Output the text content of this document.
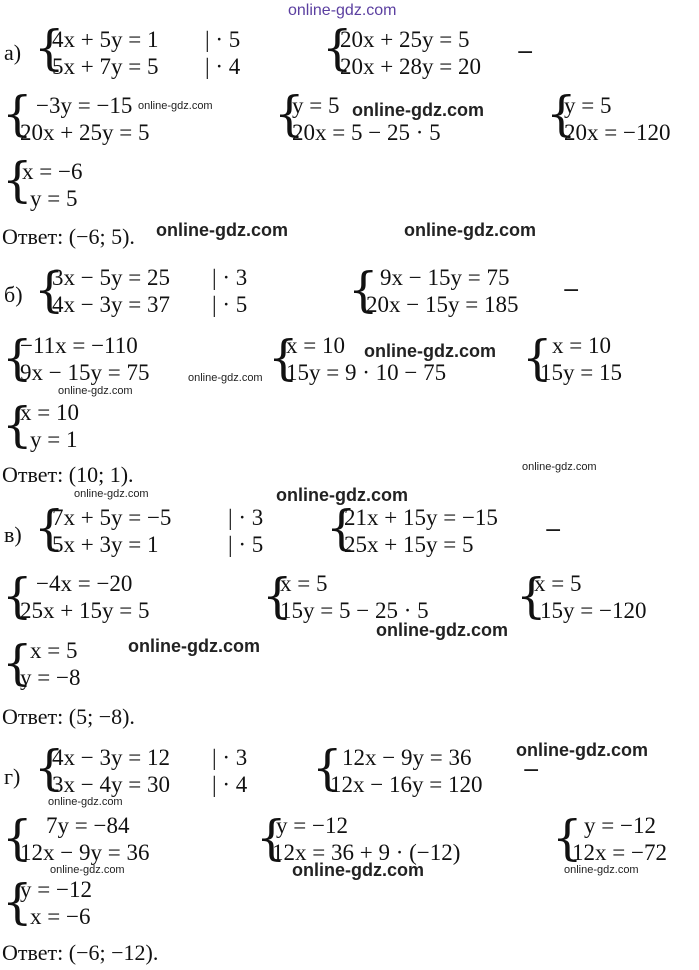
online-gdz.com
а) {
4x + 5y = 1
5x + 7y = 5
| · 5
| · 4 {
20x + 25y = 5
20x + 28y = 20
−
{ −3y = −15
20x + 25y = 5	{
y = 5
20x = 5 − 25 · 5 {
y = 5
20x = −120
{
x = −6
y = 5
Ответ: (−6; 5).
б) {
3x − 5y = 25
4x − 3y = 37
| · 3
| · 5 { 9x − 15y = 75
20x − 15y = 185
−
{
−11x = −110
9x − 15y = 75 {
x = 10
15y = 9 · 10 − 75 { x = 10
15y = 15
{
x = 10
y = 1
Ответ: (10; 1).
в) {
7x + 5y = −5
5x + 3y = 1
| · 3
| · 5 {
21x + 15y = −15
25x + 15y = 5
−
{ −4x = −20
25x + 15y = 5 {
x = 5
15y = 5 − 25 · 5 {
x = 5
15y = −120
{
x = 5
y = −8
Ответ: (5; −8).
г) {
4x − 3y = 12
3x − 4y = 30
| · 3
| · 4 { 12x − 9y = 36
12x − 16y = 120
−
{ 7y = −84
12x − 9y = 36 {
y = −12
12x = 36 + 9 · (−12) { y = −12
12x = −72
{
y = −12
x = −6
Ответ: (−6; −12).
online-gdz.com	online-gdz.com
online-gdz.com	online-gdz.com
online-gdz.com
online-gdz.com
online-gdz.com
online-gdz.com
online-gdz.com	online-gdz.com
online-gdz.com
online-gdz.com
online-gdz.com
online-gdz.com
online-gdz.com	online-gdz.com	online-gdz.com
